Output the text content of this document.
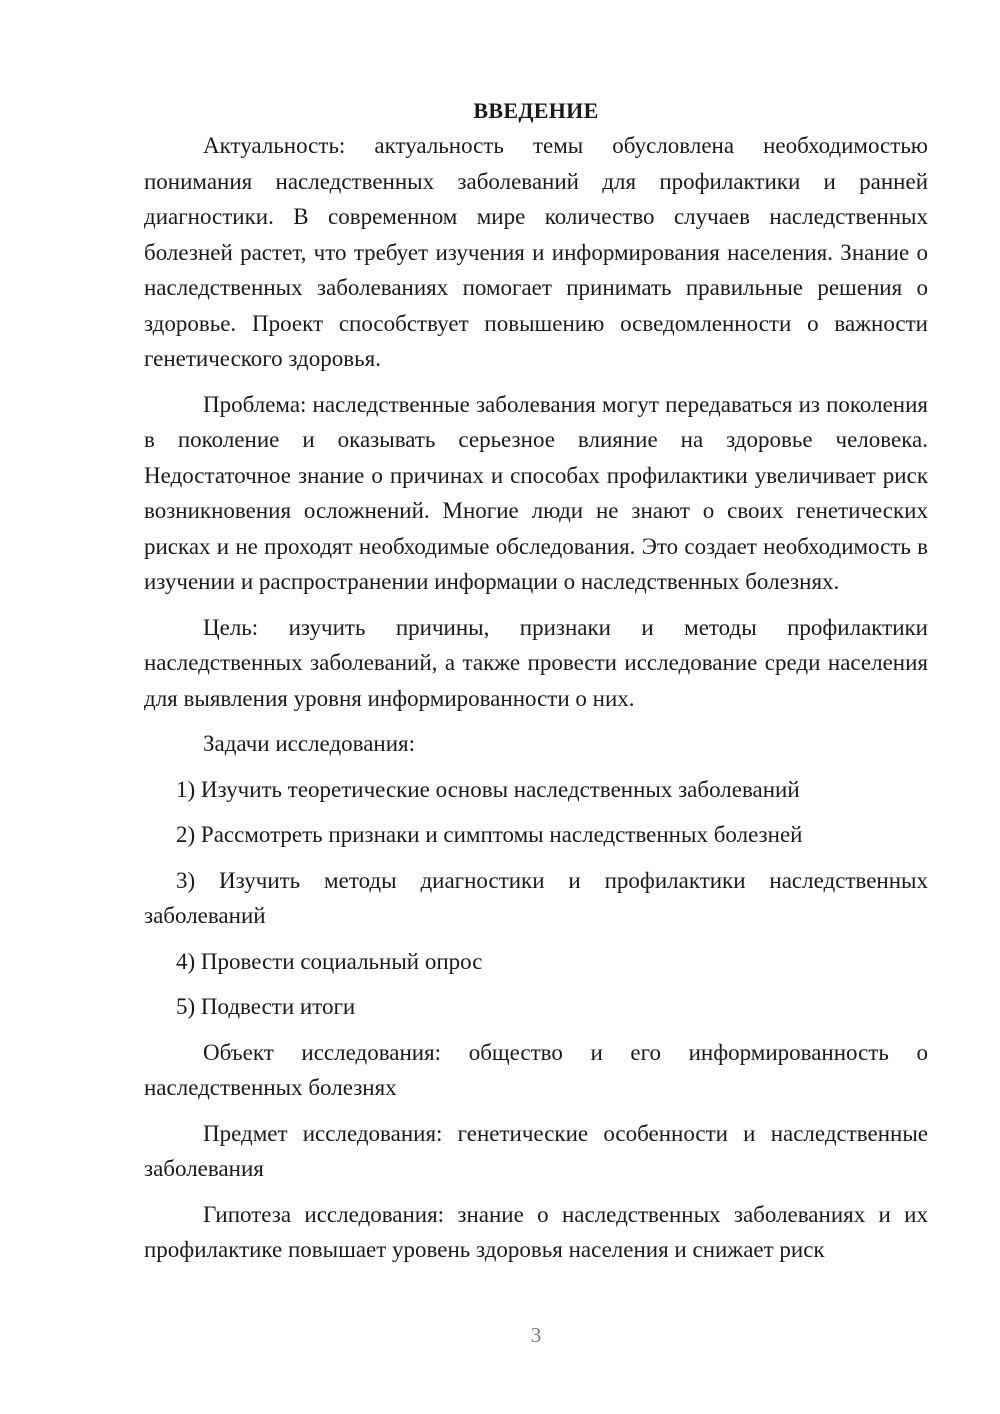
ВВЕДЕНИЕ

Актуальность: актуальность темы обусловлена необходимостью понимания наследственных заболеваний для профилактики и ранней диагностики. В современном мире количество случаев наследственных болезней растет, что требует изучения и информирования населения. Знание о наследственных заболеваниях помогает принимать правильные решения о здоровье. Проект способствует повышению осведомленности о важности генетического здоровья.

Проблема: наследственные заболевания могут передаваться из поколения в поколение и оказывать серьезное влияние на здоровье человека. Недостаточное знание о причинах и способах профилактики увеличивает риск возникновения осложнений. Многие люди не знают о своих генетических рисках и не проходят необходимые обследования. Это создает необходимость в изучении и распространении информации о наследственных болезнях.

Цель: изучить причины, признаки и методы профилактики наследственных заболеваний, а также провести исследование среди населения для выявления уровня информированности о них.

Задачи исследования:

1) Изучить теоретические основы наследственных заболеваний

2) Рассмотреть признаки и симптомы наследственных болезней

3) Изучить методы диагностики и профилактики наследственных заболеваний

4) Провести социальный опрос

5) Подвести итоги

Объект исследования: общество и его информированность о наследственных болезнях

Предмет исследования: генетические особенности и наследственные заболевания

Гипотеза исследования: знание о наследственных заболеваниях и их профилактике повышает уровень здоровья населения и снижает риск

3
